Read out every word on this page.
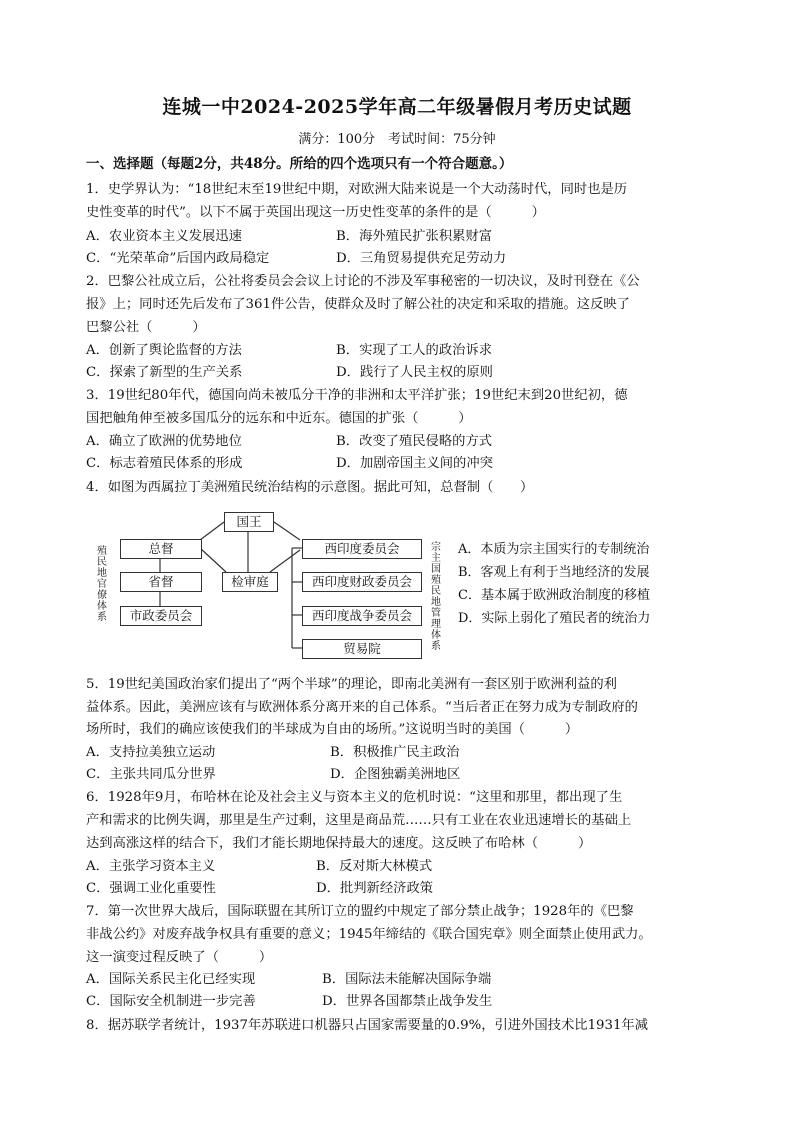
连城一中2024-2025学年高二年级暑假月考历史试题
满分：100分　考试时间：75分钟
一、选择题（每题2分，共48分。所给的四个选项只有一个符合题意。）
1．史学界认为：“18世纪末至19世纪中期，对欧洲大陆来说是一个大动荡时代，同时也是历
史性变革的时代”。以下不属于英国出现这一历史性变革的条件的是（　　　）
A．农业资本主义发展迅速	B．海外殖民扩张积累财富
C．“光荣革命”后国内政局稳定	D．三角贸易提供充足劳动力
2．巴黎公社成立后，公社将委员会会议上讨论的不涉及军事秘密的一切决议，及时刊登在《公
报》上；同时还先后发布了361件公告，使群众及时了解公社的决定和采取的措施。这反映了
巴黎公社（　　　）
A．创新了舆论监督的方法	B．实现了工人的政治诉求
C．探索了新型的生产关系	D．践行了人民主权的原则
3．19世纪80年代，德国向尚未被瓜分干净的非洲和太平洋扩张；19世纪末到20世纪初，德
国把触角伸至被多国瓜分的远东和中近东。德国的扩张（　　　）
A．确立了欧洲的优势地位	B．改变了殖民侵略的方式
C．标志着殖民体系的形成	D．加剧帝国主义间的冲突
4．如图为西属拉丁美洲殖民统治结构的示意图。据此可知，总督制（　　）
国王
总督
省督
市政委员会
检审庭
西印度委员会
西印度财政委员会
西印度战争委员会
贸易院
殖民地官僚体系
宗主国殖民地管理体系
A．本质为宗主国实行的专制统治
B．客观上有利于当地经济的发展
C．基本属于欧洲政治制度的移植
D．实际上弱化了殖民者的统治力
5．19世纪美国政治家们提出了“两个半球”的理论，即南北美洲有一套区别于欧洲利益的利
益体系。因此，美洲应该有与欧洲体系分离开来的自己体系。“当后者正在努力成为专制政府的
场所时，我们的确应该使我们的半球成为自由的场所。”这说明当时的美国（　　　）
A．支持拉美独立运动	B．积极推广民主政治
C．主张共同瓜分世界	D．企图独霸美洲地区
6．1928年9月，布哈林在论及社会主义与资本主义的危机时说：“这里和那里，都出现了生
产和需求的比例失调，那里是生产过剩，这里是商品荒……只有工业在农业迅速增长的基础上
达到高涨这样的结合下，我们才能长期地保持最大的速度。这反映了布哈林（　　　）
A．主张学习资本主义	B．反对斯大林模式
C．强调工业化重要性	D．批判新经济政策
7．第一次世界大战后，国际联盟在其所订立的盟约中规定了部分禁止战争；1928年的《巴黎
非战公约》对废弃战争权具有重要的意义；1945年缔结的《联合国宪章》则全面禁止使用武力。
这一演变过程反映了（　　　）
A．国际关系民主化已经实现	B．国际法未能解决国际争端
C．国际安全机制进一步完善	D．世界各国都禁止战争发生
8．据苏联学者统计，1937年苏联进口机器只占国家需要量的0.9%，引进外国技术比1931年减
